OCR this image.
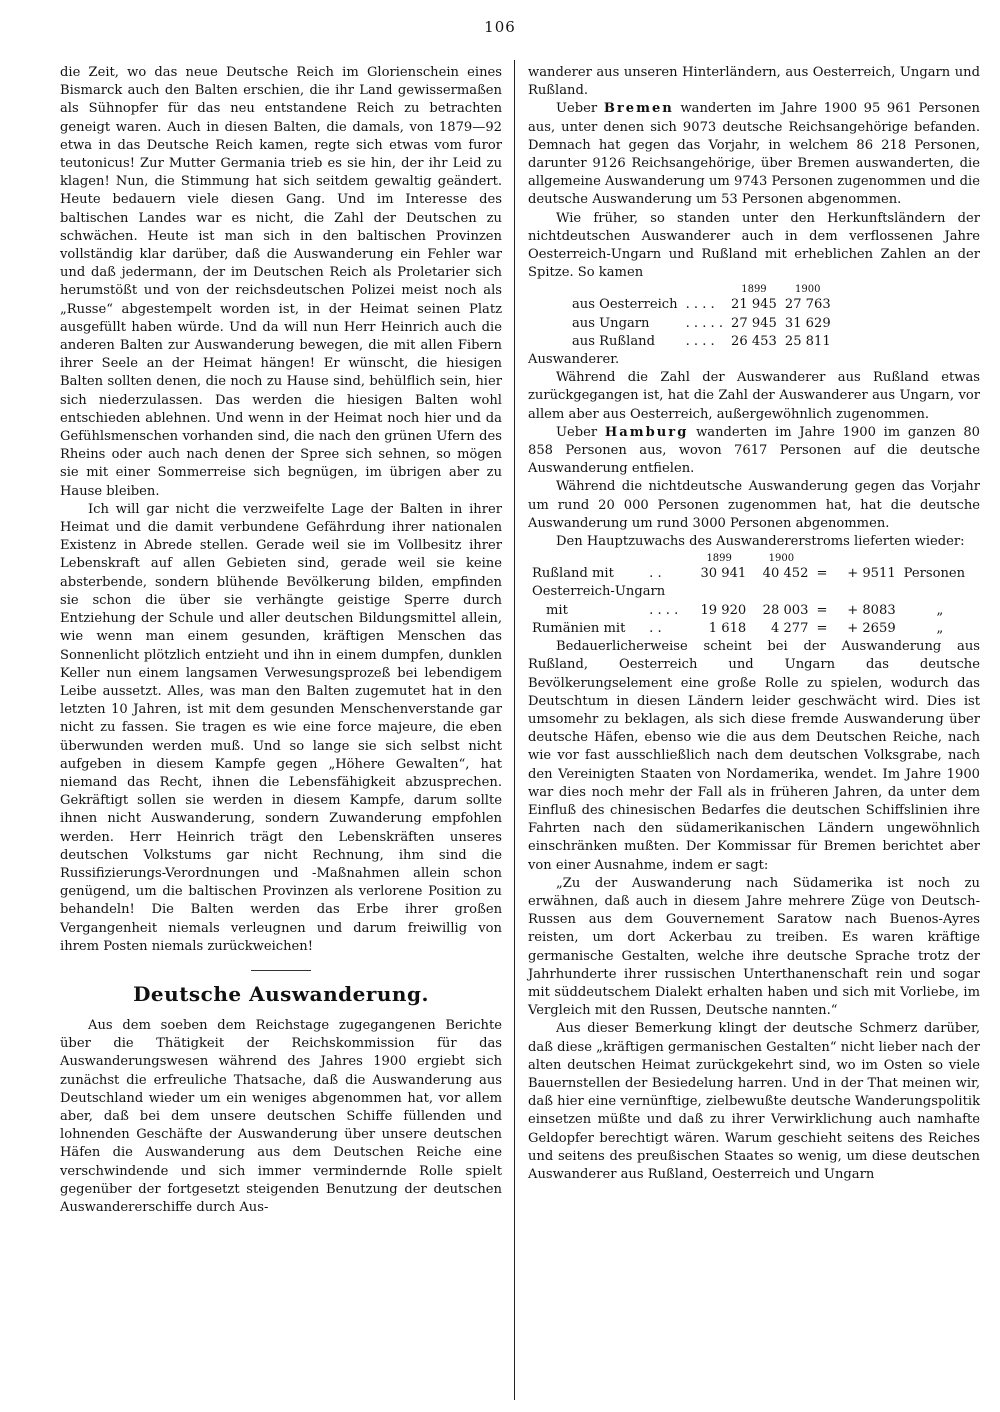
106

die Zeit, wo das neue Deutsche Reich im Glorienschein eines Bismarck auch den Balten erschien, die ihr Land gewissermaßen als Sühnopfer für das neu entstandene Reich zu betrachten geneigt waren. Auch in diesen Balten, die damals, von 1879—92 etwa in das Deutsche Reich kamen, regte sich etwas vom furor teutonicus! Zur Mutter Germania trieb es sie hin, der ihr Leid zu klagen! Nun, die Stimmung hat sich seitdem gewaltig geändert. Heute bedauern viele diesen Gang. Und im Interesse des baltischen Landes war es nicht, die Zahl der Deutschen zu schwächen. Heute ist man sich in den baltischen Provinzen vollständig klar darüber, daß die Auswanderung ein Fehler war und daß jedermann, der im Deutschen Reich als Proletarier sich herumstößt und von der reichsdeutschen Polizei meist noch als „Russe“ abgestempelt worden ist, in der Heimat seinen Platz ausgefüllt haben würde. Und da will nun Herr Heinrich auch die anderen Balten zur Auswanderung bewegen, die mit allen Fibern ihrer Seele an der Heimat hängen! Er wünscht, die hiesigen Balten sollten denen, die noch zu Hause sind, behülflich sein, hier sich niederzulassen. Das werden die hiesigen Balten wohl entschieden ablehnen. Und wenn in der Heimat noch hier und da Gefühlsmenschen vorhanden sind, die nach den grünen Ufern des Rheins oder auch nach denen der Spree sich sehnen, so mögen sie mit einer Sommerreise sich begnügen, im übrigen aber zu Hause bleiben.

Ich will gar nicht die verzweifelte Lage der Balten in ihrer Heimat und die damit verbundene Gefährdung ihrer nationalen Existenz in Abrede stellen. Gerade weil sie im Vollbesitz ihrer Lebenskraft auf allen Gebieten sind, gerade weil sie keine absterbende, sondern blühende Bevölkerung bilden, empfinden sie schon die über sie verhängte geistige Sperre durch Entziehung der Schule und aller deutschen Bildungsmittel allein, wie wenn man einem gesunden, kräftigen Menschen das Sonnenlicht plötzlich entzieht und ihn in einem dumpfen, dunklen Keller nun einem langsamen Verwesungsprozeß bei lebendigem Leibe aussetzt. Alles, was man den Balten zugemutet hat in den letzten 10 Jahren, ist mit dem gesunden Menschenverstande gar nicht zu fassen. Sie tragen es wie eine force majeure, die eben überwunden werden muß. Und so lange sie sich selbst nicht aufgeben in diesem Kampfe gegen „Höhere Gewalten“, hat niemand das Recht, ihnen die Lebensfähigkeit abzusprechen. Gekräftigt sollen sie werden in diesem Kampfe, darum sollte ihnen nicht Auswanderung, sondern Zuwanderung empfohlen werden. Herr Heinrich trägt den Lebenskräften unseres deutschen Volkstums gar nicht Rechnung, ihm sind die Russifizierungs-Verordnungen und -Maßnahmen allein schon genügend, um die baltischen Provinzen als verlorene Position zu behandeln! Die Balten werden das Erbe ihrer großen Vergangenheit niemals verleugnen und darum freiwillig von ihrem Posten niemals zurückweichen!

Deutsche Auswanderung.

Aus dem soeben dem Reichstage zugegangenen Berichte über die Thätigkeit der Reichskommission für das Auswanderungswesen während des Jahres 1900 ergiebt sich zunächst die erfreuliche Thatsache, daß die Auswanderung aus Deutschland wieder um ein weniges abgenommen hat, vor allem aber, daß bei dem unsere deutschen Schiffe füllenden und lohnenden Geschäfte der Auswanderung über unsere deutschen Häfen die Auswanderung aus dem Deutschen Reiche eine verschwindende und sich immer vermindernde Rolle spielt gegenüber der fortgesetzt steigenden Benutzung der deutschen Auswandererschiffe durch Aus-

wanderer aus unseren Hinterländern, aus Oesterreich, Ungarn und Rußland.

Ueber Bremen wanderten im Jahre 1900 95 961 Personen aus, unter denen sich 9073 deutsche Reichsangehörige befanden. Demnach hat gegen das Vorjahr, in welchem 86 218 Personen, darunter 9126 Reichsangehörige, über Bremen auswanderten, die allgemeine Auswanderung um 9743 Personen zugenommen und die deutsche Auswanderung um 53 Personen abgenommen.

Wie früher, so standen unter den Herkunftsländern der nichtdeutschen Auswanderer auch in dem verflossenen Jahre Oesterreich-Ungarn und Rußland mit erheblichen Zahlen an der Spitze. So kamen

		1899	1900
aus Oesterreich	. . . .	21 945	27 763
aus Ungarn	. . . . .	27 945	31 629
aus Rußland	. . . .	26 453	25 811

Auswanderer.

Während die Zahl der Auswanderer aus Rußland etwas zurückgegangen ist, hat die Zahl der Auswanderer aus Ungarn, vor allem aber aus Oesterreich, außergewöhnlich zugenommen.

Ueber Hamburg wanderten im Jahre 1900 im ganzen 80 858 Personen aus, wovon 7617 Personen auf die deutsche Auswanderung entfielen.

Während die nichtdeutsche Auswanderung gegen das Vorjahr um rund 20 000 Personen zugenommen hat, hat die deutsche Auswanderung um rund 3000 Personen abgenommen.

Den Hauptzuwachs des Auswandererstroms lieferten wieder:

		1899	1900			
Rußland mit	. .	30 941	40 452	=	+ 9511	Personen
Oesterreich-Ungarn						
mit	. . . .	19 920	28 003	=	+ 8083	„
Rumänien mit	. .	1 618	4 277	=	+ 2659	„

Bedauerlicherweise scheint bei der Auswanderung aus Rußland, Oesterreich und Ungarn das deutsche Bevölkerungselement eine große Rolle zu spielen, wodurch das Deutschtum in diesen Ländern leider geschwächt wird. Dies ist umsomehr zu beklagen, als sich diese fremde Auswanderung über deutsche Häfen, ebenso wie die aus dem Deutschen Reiche, nach wie vor fast ausschließlich nach dem deutschen Volksgrabe, nach den Vereinigten Staaten von Nordamerika, wendet. Im Jahre 1900 war dies noch mehr der Fall als in früheren Jahren, da unter dem Einfluß des chinesischen Bedarfes die deutschen Schiffslinien ihre Fahrten nach den südamerikanischen Ländern ungewöhnlich einschränken mußten. Der Kommissar für Bremen berichtet aber von einer Ausnahme, indem er sagt:

„Zu der Auswanderung nach Südamerika ist noch zu erwähnen, daß auch in diesem Jahre mehrere Züge von Deutsch-Russen aus dem Gouvernement Saratow nach Buenos-Ayres reisten, um dort Ackerbau zu treiben. Es waren kräftige germanische Gestalten, welche ihre deutsche Sprache trotz der Jahrhunderte ihrer russischen Unterthanenschaft rein und sogar mit süddeutschem Dialekt erhalten haben und sich mit Vorliebe, im Vergleich mit den Russen, Deutsche nannten.“

Aus dieser Bemerkung klingt der deutsche Schmerz darüber, daß diese „kräftigen germanischen Gestalten“ nicht lieber nach der alten deutschen Heimat zurückgekehrt sind, wo im Osten so viele Bauernstellen der Besiedelung harren. Und in der That meinen wir, daß hier eine vernünftige, zielbewußte deutsche Wanderungspolitik einsetzen müßte und daß zu ihrer Verwirklichung auch namhafte Geldopfer berechtigt wären. Warum geschieht seitens des Reiches und seitens des preußischen Staates so wenig, um diese deutschen Auswanderer aus Rußland, Oesterreich und Ungarn
